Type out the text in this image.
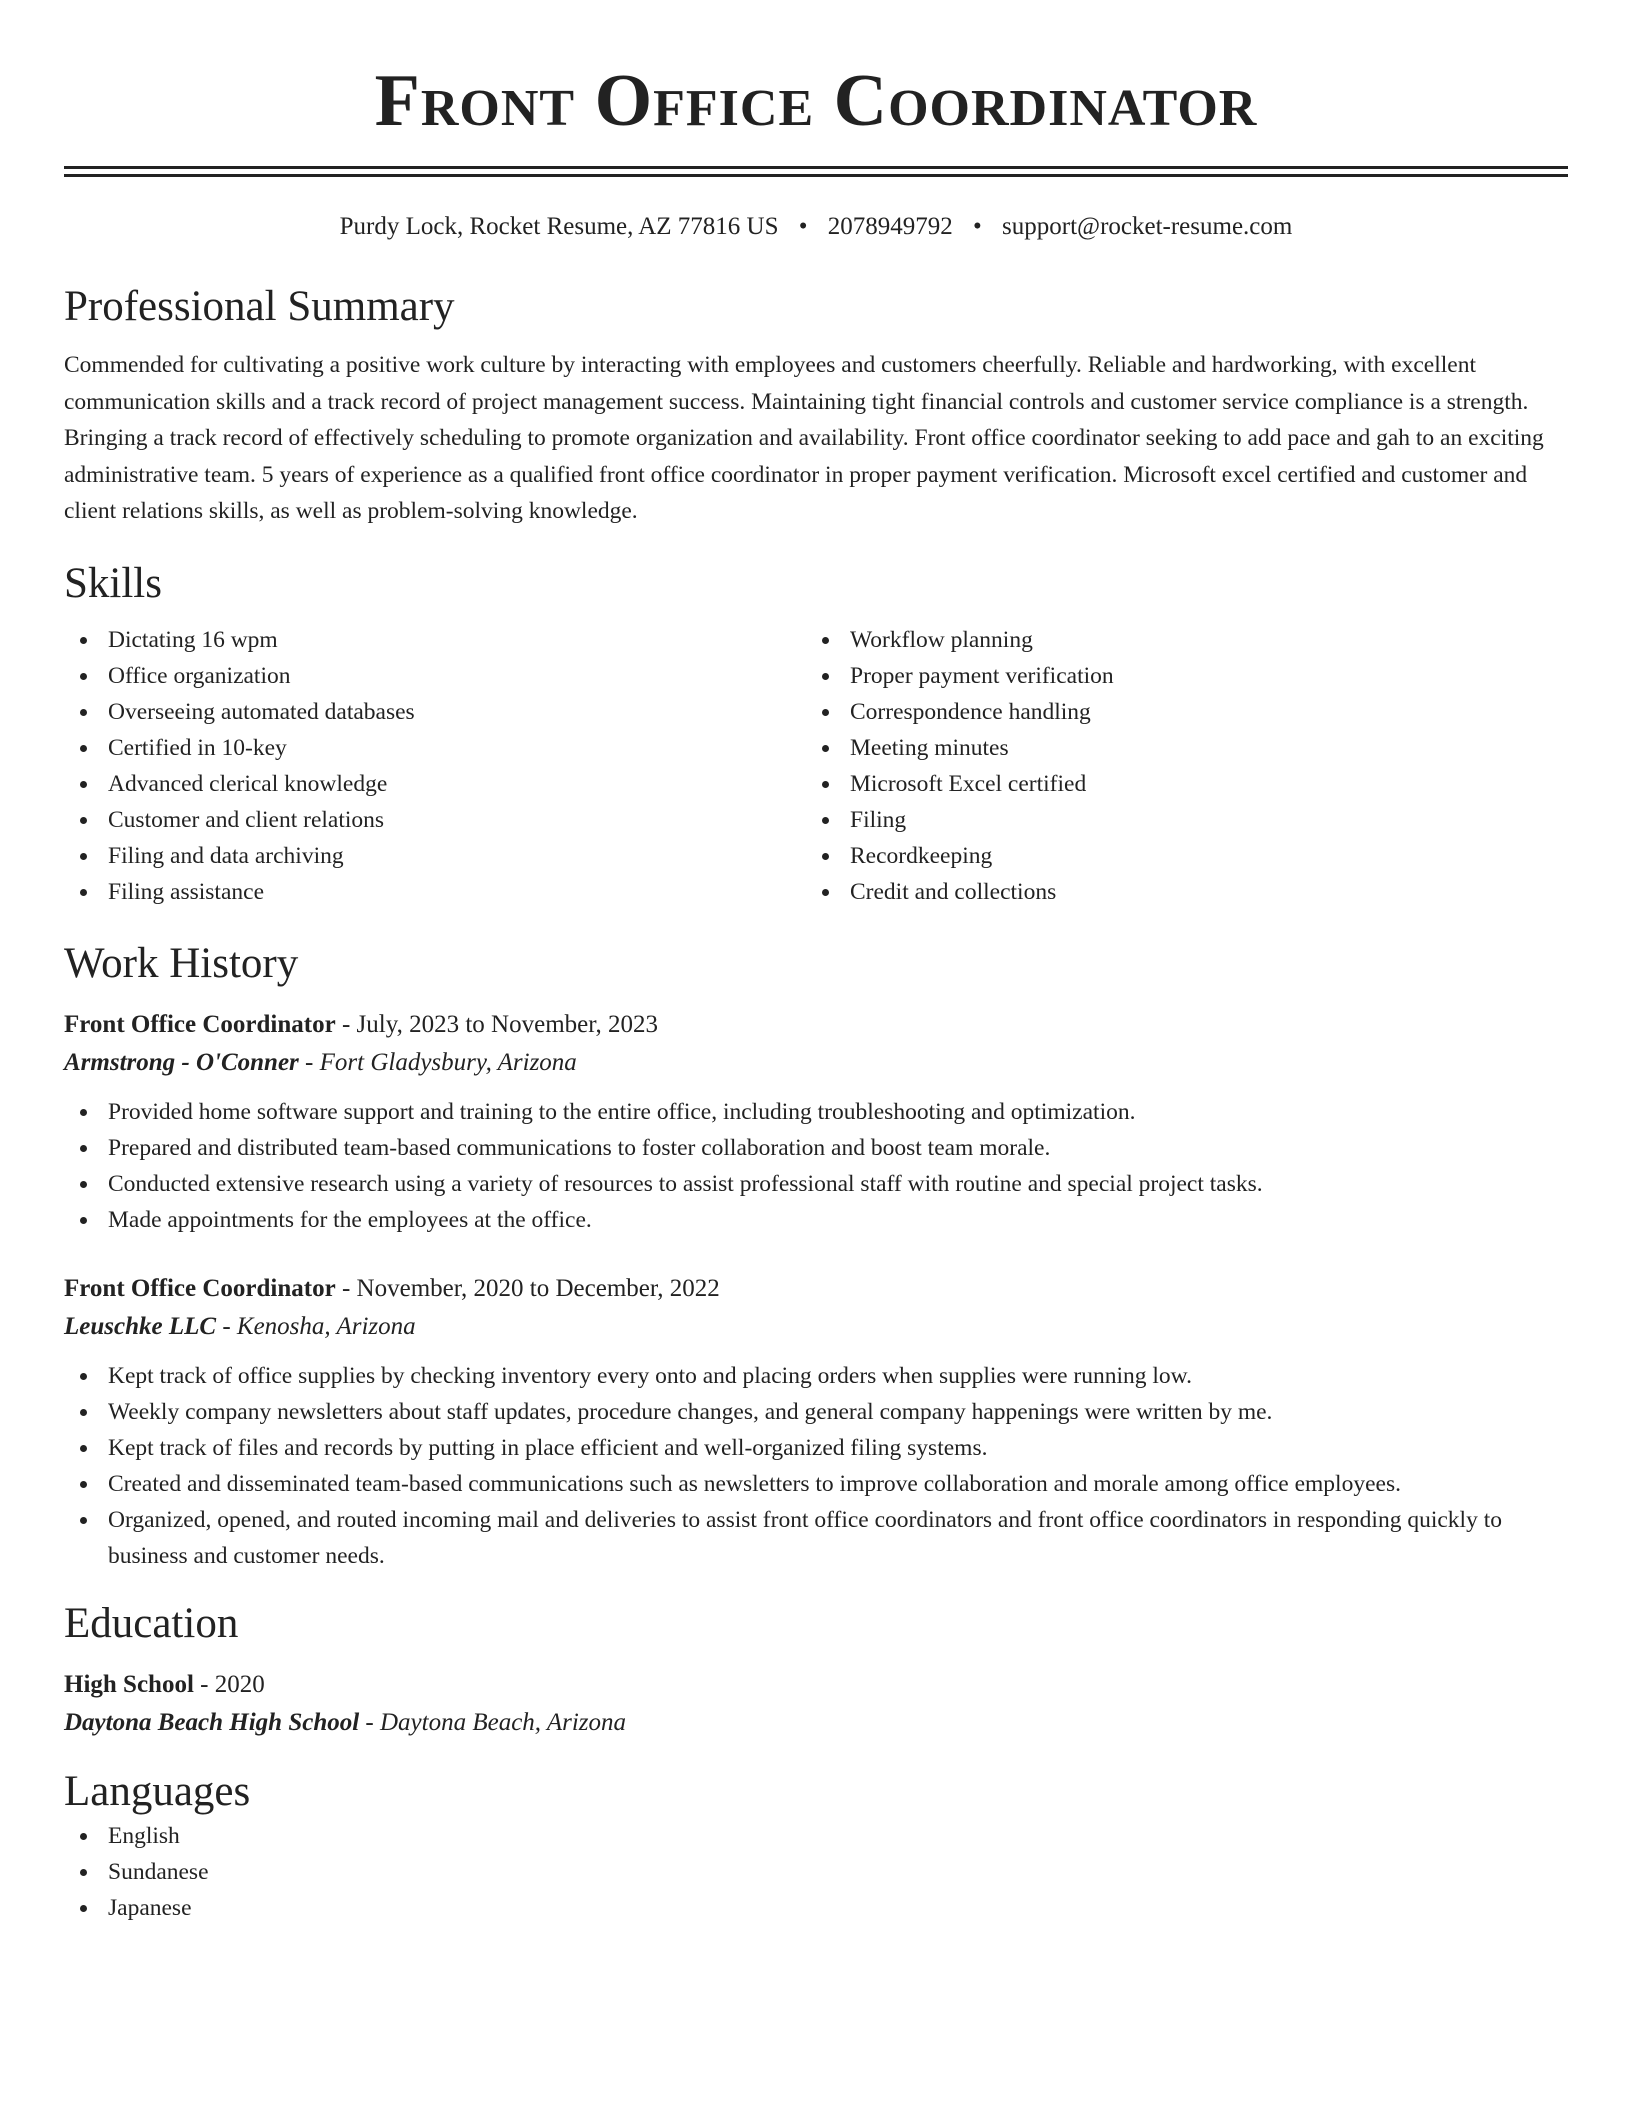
Front Office Coordinator
Purdy Lock, Rocket Resume, AZ 77816 US • 2078949792 • support@rocket-resume.com
Professional Summary

Commended for cultivating a positive work culture by interacting with employees and customers cheerfully. Reliable and hardworking, with excellent communication skills and a track record of project management success. Maintaining tight financial controls and customer service compliance is a strength. Bringing a track record of effectively scheduling to promote organization and availability. Front office coordinator seeking to add pace and gah to an exciting administrative team. 5 years of experience as a qualified front office coordinator in proper payment verification. Microsoft excel certified and customer and client relations skills, as well as problem-solving knowledge.

Skills
Dictating 16 wpm
Office organization
Overseeing automated databases
Certified in 10-key
Advanced clerical knowledge
Customer and client relations
Filing and data archiving
Filing assistance
Workflow planning
Proper payment verification
Correspondence handling
Meeting minutes
Microsoft Excel certified
Filing
Recordkeeping
Credit and collections
Work History
Front Office Coordinator - July, 2023 to November, 2023
Armstrong - O'Conner - Fort Gladysbury, Arizona
Provided home software support and training to the entire office, including troubleshooting and optimization.
Prepared and distributed team-based communications to foster collaboration and boost team morale.
Conducted extensive research using a variety of resources to assist professional staff with routine and special project tasks.
Made appointments for the employees at the office.
Front Office Coordinator - November, 2020 to December, 2022
Leuschke LLC - Kenosha, Arizona
Kept track of office supplies by checking inventory every onto and placing orders when supplies were running low.
Weekly company newsletters about staff updates, procedure changes, and general company happenings were written by me.
Kept track of files and records by putting in place efficient and well-organized filing systems.
Created and disseminated team-based communications such as newsletters to improve collaboration and morale among office employees.
Organized, opened, and routed incoming mail and deliveries to assist front office coordinators and front office coordinators in responding quickly to business and customer needs.
Education
High School - 2020
Daytona Beach High School - Daytona Beach, Arizona
Languages
English
Sundanese
Japanese
